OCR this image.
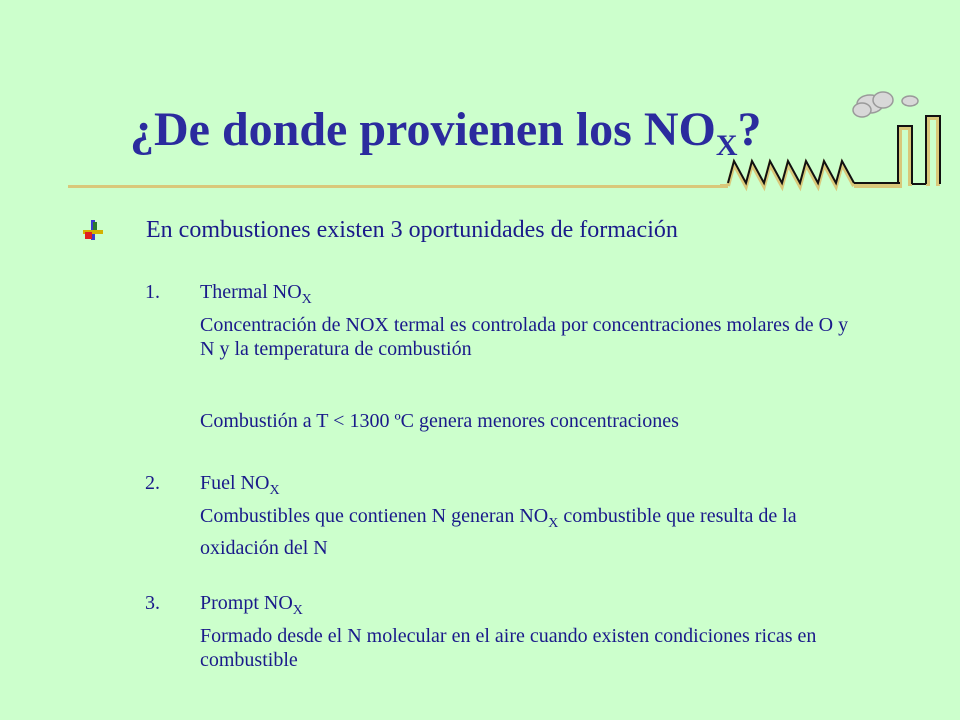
¿De donde provienen los $NO_X$?
En combustiones existen 3 oportunidades de formación
1. Thermal $NO_X$

Concentración de NOX termal es controlada por concentraciones molares de O y N y la temperatura de combustión

Combustión a T < 1300 ºC genera menores concentraciones

2. Fuel $NO_X$

Combustibles que contienen N generan $NO_X$ combustible que resulta de la oxidación del N

3. Prompt $NO_X$

Formado desde el N molecular en el aire cuando existen condiciones ricas en combustible
